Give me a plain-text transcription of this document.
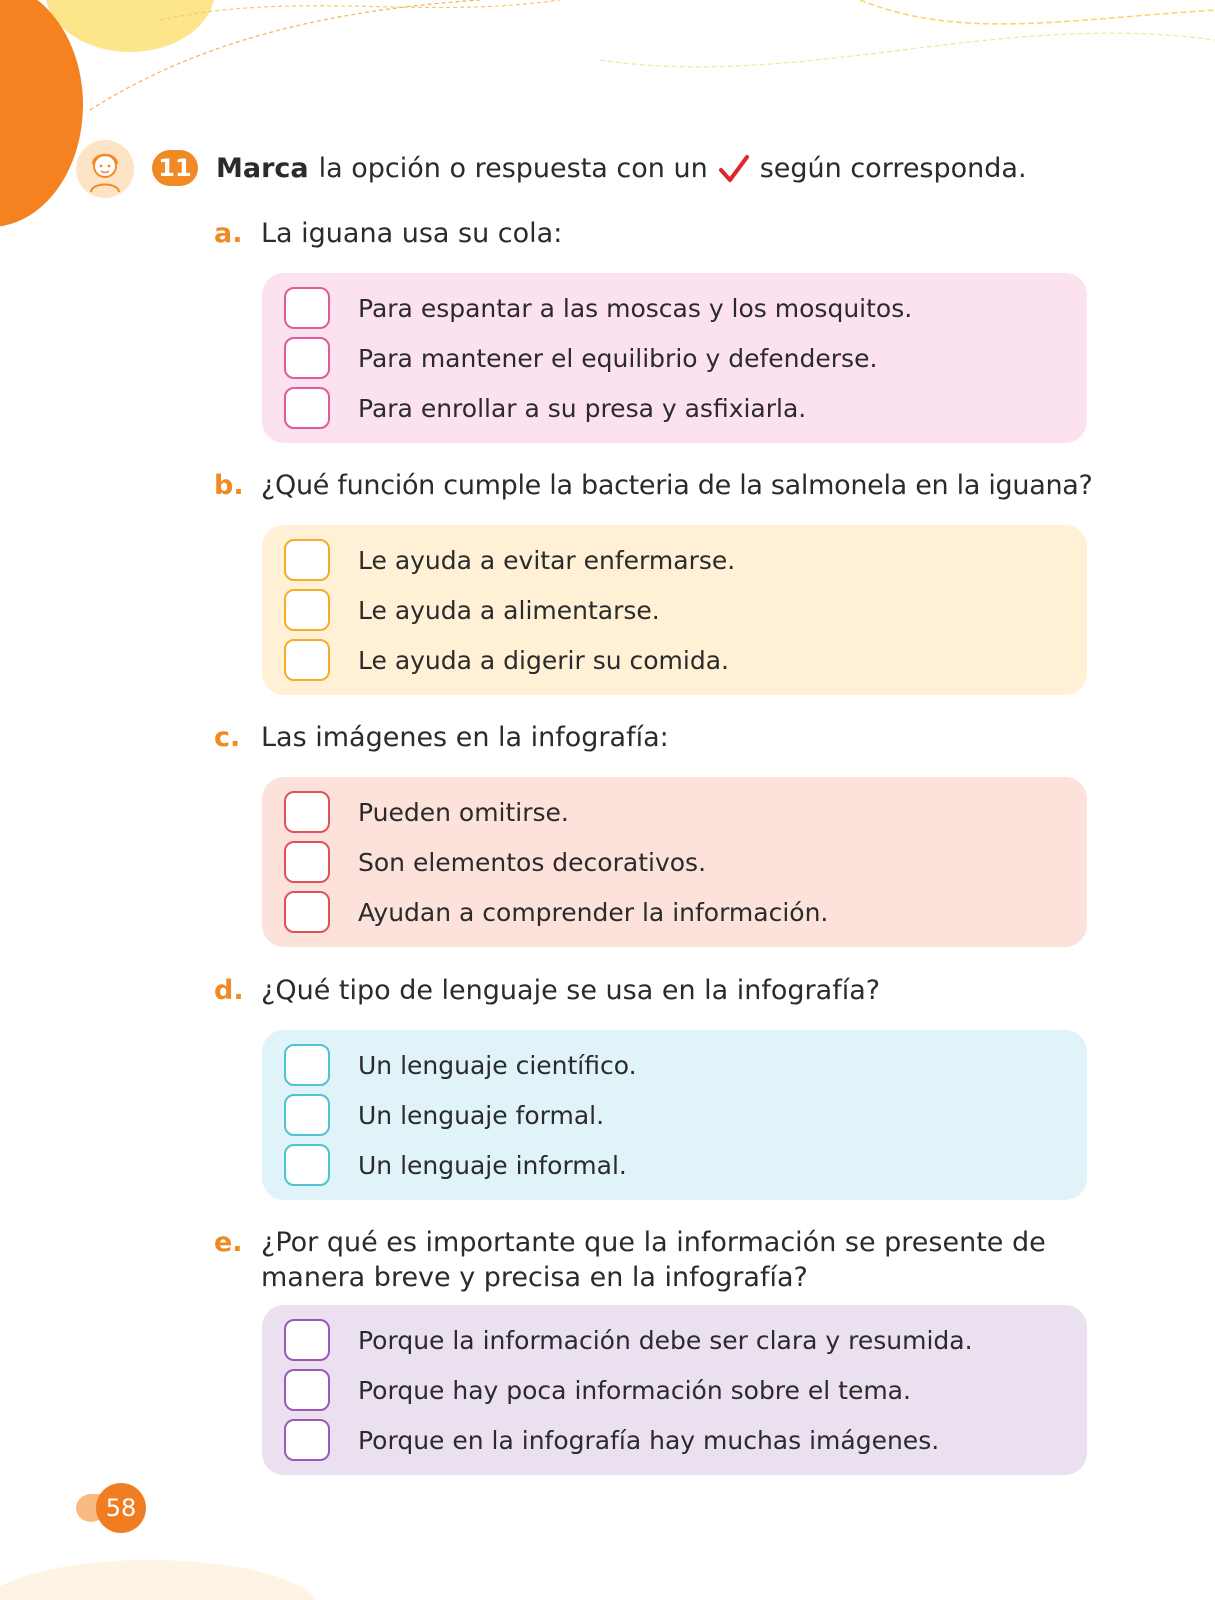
11 Marca la opción o respuesta con un según corresponda.
a. La iguana usa su cola:
Para espantar a las moscas y los mosquitos.
Para mantener el equilibrio y defenderse.
Para enrollar a su presa y asfixiarla.
b. ¿Qué función cumple la bacteria de la salmonela en la iguana?
Le ayuda a evitar enfermarse.
Le ayuda a alimentarse.
Le ayuda a digerir su comida.
c. Las imágenes en la infografía:
Pueden omitirse.
Son elementos decorativos.
Ayudan a comprender la información.
d. ¿Qué tipo de lenguaje se usa en la infografía?
Un lenguaje científico.
Un lenguaje formal.
Un lenguaje informal.
e. ¿Por qué es importante que la información se presente de manera breve y precisa en la infografía?
Porque la información debe ser clara y resumida.
Porque hay poca información sobre el tema.
Porque en la infografía hay muchas imágenes.
58
